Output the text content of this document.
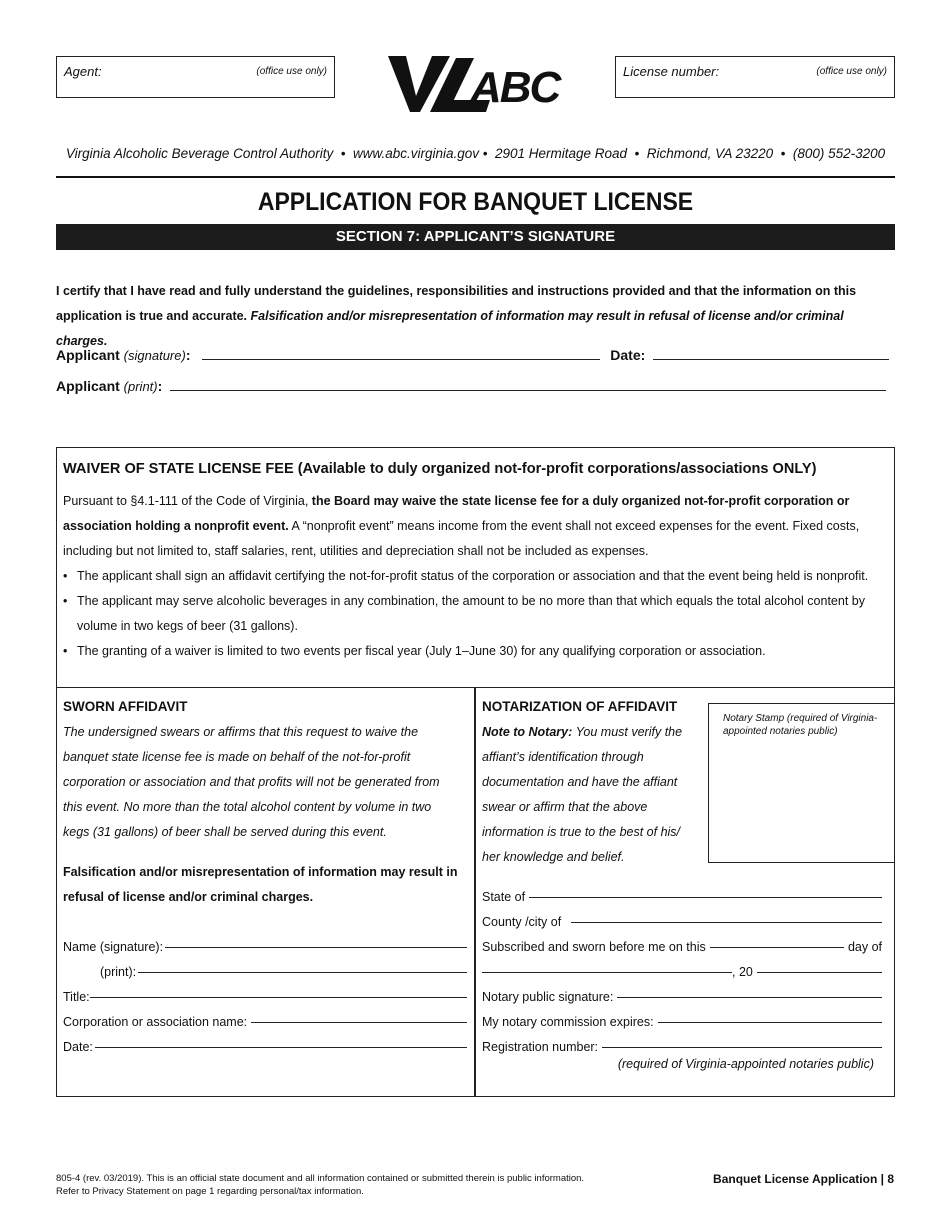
Agent:	(office use only)	ABC	License number:	(office use only)
Virginia Alcoholic Beverage Control Authority  •  www.abc.virginia.gov •  2901 Hermitage Road  •  Richmond, VA 23220  •  (800) 552-3200
APPLICATION FOR BANQUET LICENSE
SECTION 7: APPLICANT’S SIGNATURE
I certify that I have read and fully understand the guidelines, responsibilities and instructions provided and that the information on this application is true and accurate. Falsification and/or misrepresentation of information may result in refusal of license and/or criminal charges.
Applicant (signature):	Date:
Applicant (print):
WAIVER OF STATE LICENSE FEE (Available to duly organized not-for-profit corporations/associations ONLY)
Pursuant to §4.1-111 of the Code of Virginia, the Board may waive the state license fee for a duly organized not-for-profit corporation or association holding a nonprofit event. A “nonprofit event” means income from the event shall not exceed expenses for the event. Fixed costs, including but not limited to, staff salaries, rent, utilities and depreciation shall not be included as expenses.
• The applicant shall sign an affidavit certifying the not-for-profit status of the corporation or association and that the event being held is nonprofit.
• The applicant may serve alcoholic beverages in any combination, the amount to be no more than that which equals the total alcohol content by volume in two kegs of beer (31 gallons).
• The granting of a waiver is limited to two events per fiscal year (July 1–June 30) for any qualifying corporation or association.
SWORN AFFIDAVIT
The undersigned swears or affirms that this request to waive the banquet state license fee is made on behalf of the not-for-profit corporation or association and that profits will not be generated from this event. No more than the total alcohol content by volume in two kegs (31 gallons) of beer shall be served during this event.
Falsification and/or misrepresentation of information may result in refusal of license and/or criminal charges.
Name (signature):
(print):
Title:
Corporation or association name:
Date:
NOTARIZATION OF AFFIDAVIT
Note to Notary: You must verify the affiant’s identification through documentation and have the affiant swear or affirm that the above information is true to the best of his/ her knowledge and belief.
Notary Stamp (required of Virginia-appointed notaries public)
State of
County /city of
Subscribed and sworn before me on this	day of
, 20
Notary public signature:
My notary commission expires:
Registration number:
(required of Virginia-appointed notaries public)
805-4 (rev. 03/2019). This is an official state document and all information contained or submitted therein is public information.
Refer to Privacy Statement on page 1 regarding personal/tax information.
Banquet License Application | 8
